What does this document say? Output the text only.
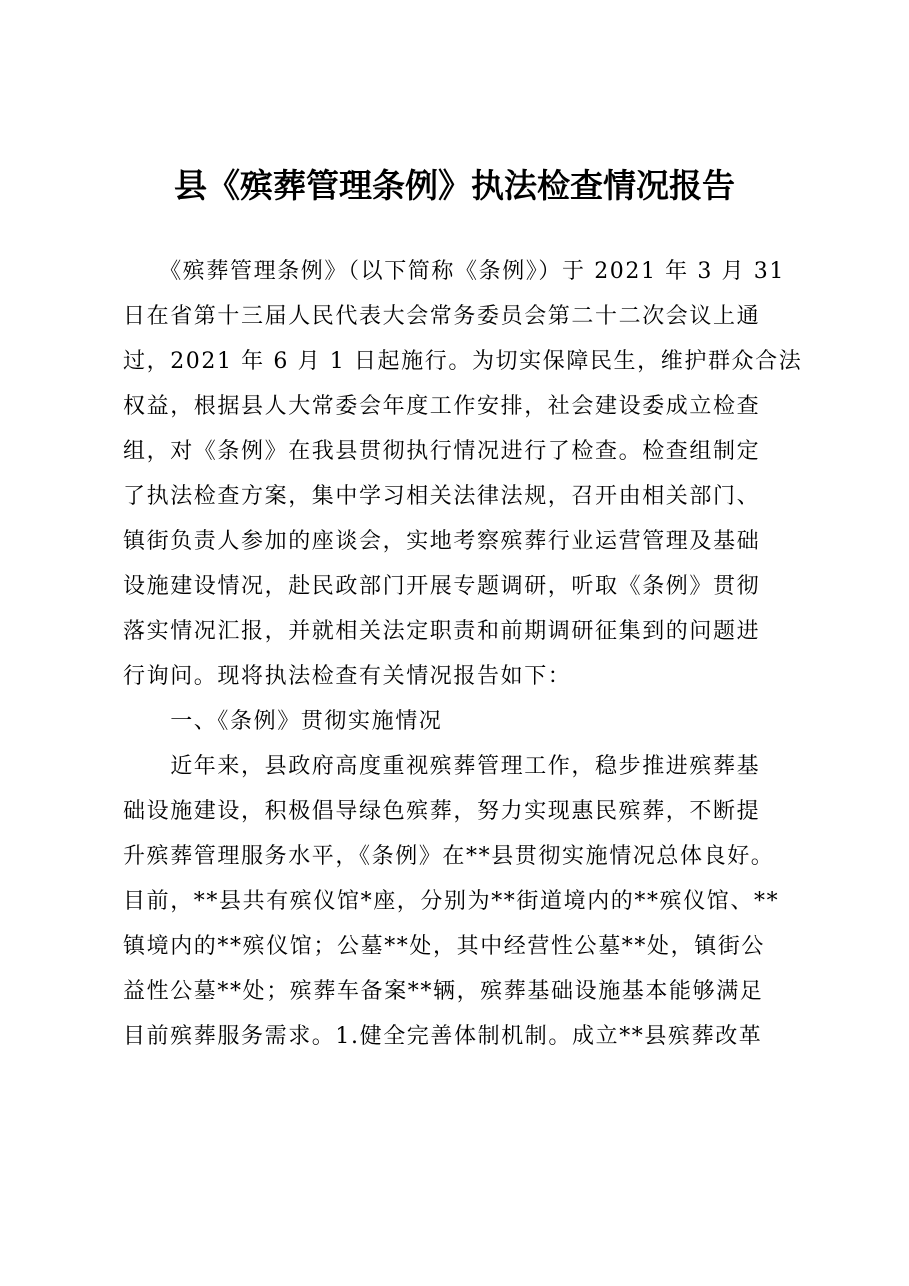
县《殡葬管理条例》执法检查情况报告
　　《殡葬管理条例》（以下简称《条例》）于 2021 年 3 月 31
日在省第十三届人民代表大会常务委员会第二十二次会议上通
过，2021 年 6 月 1 日起施行。为切实保障民生，维护群众合法
权益，根据县人大常委会年度工作安排，社会建设委成立检查
组，对《条例》在我县贯彻执行情况进行了检查。检查组制定
了执法检查方案，集中学习相关法律法规，召开由相关部门、
镇街负责人参加的座谈会，实地考察殡葬行业运营管理及基础
设施建设情况，赴民政部门开展专题调研，听取《条例》贯彻
落实情况汇报，并就相关法定职责和前期调研征集到的问题进
行询问。现将执法检查有关情况报告如下：
　　一、《条例》贯彻实施情况
　　近年来，县政府高度重视殡葬管理工作，稳步推进殡葬基
础设施建设，积极倡导绿色殡葬，努力实现惠民殡葬，不断提
升殡葬管理服务水平，《条例》在**县贯彻实施情况总体良好。
目前，**县共有殡仪馆*座，分别为**街道境内的**殡仪馆、**
镇境内的**殡仪馆；公墓**处，其中经营性公墓**处，镇街公
益性公墓**处；殡葬车备案**辆，殡葬基础设施基本能够满足
目前殡葬服务需求。1.健全完善体制机制。成立**县殡葬改革
